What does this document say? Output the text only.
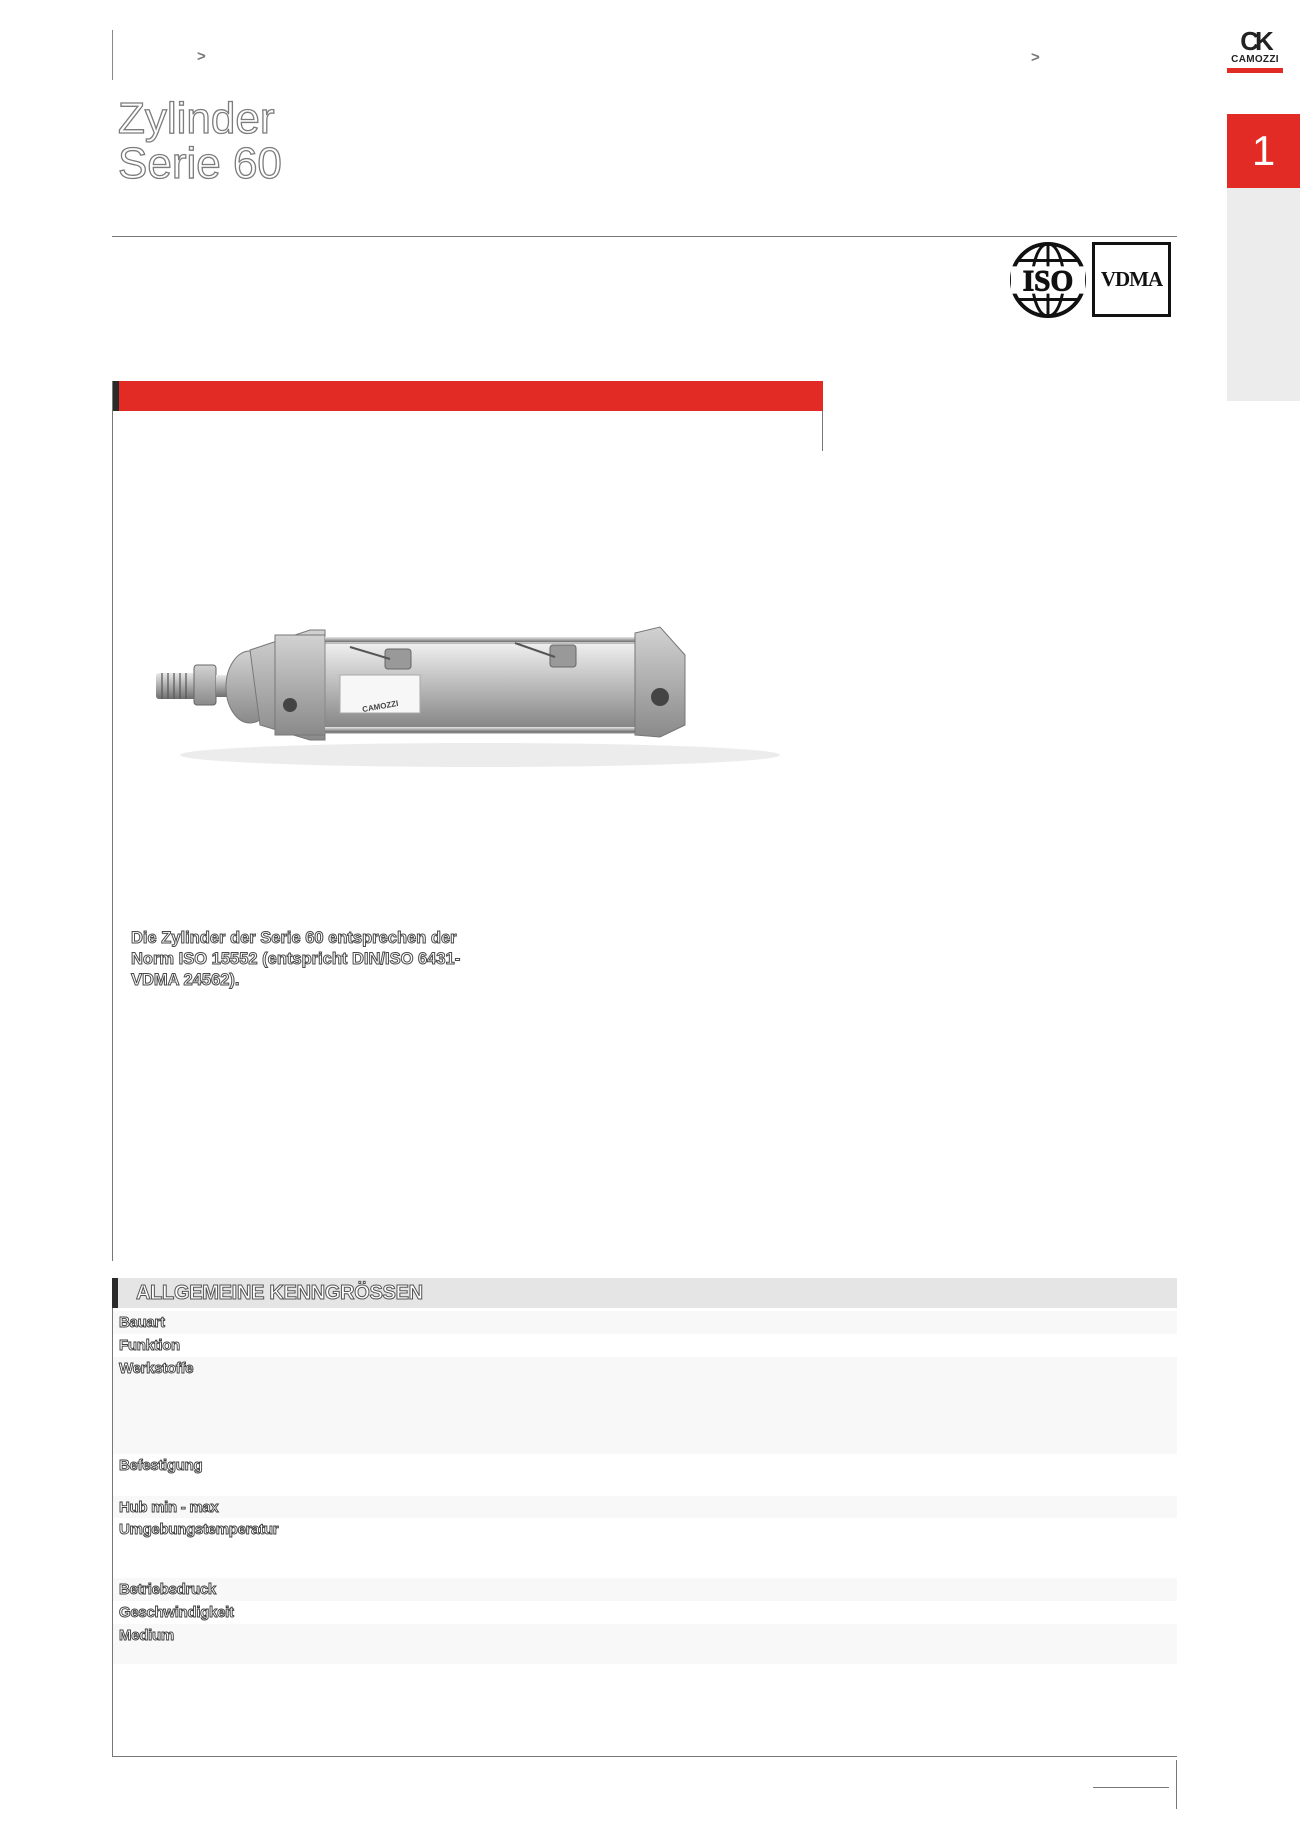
>	>
CK
CAMOZZI
1
Zylinder
Serie 60
ISO	VDMA
CAMOZZI
Die Zylinder der Serie 60 entsprechen der Norm ISO 15552 (entspricht DIN/ISO 6431-VDMA 24562).
ALLGEMEINE KENNGRÖSSEN
Bauart
Funktion
Werkstoffe
Befestigung
Hub min - max
Umgebungstemperatur
Betriebsdruck
Geschwindigkeit
Medium
